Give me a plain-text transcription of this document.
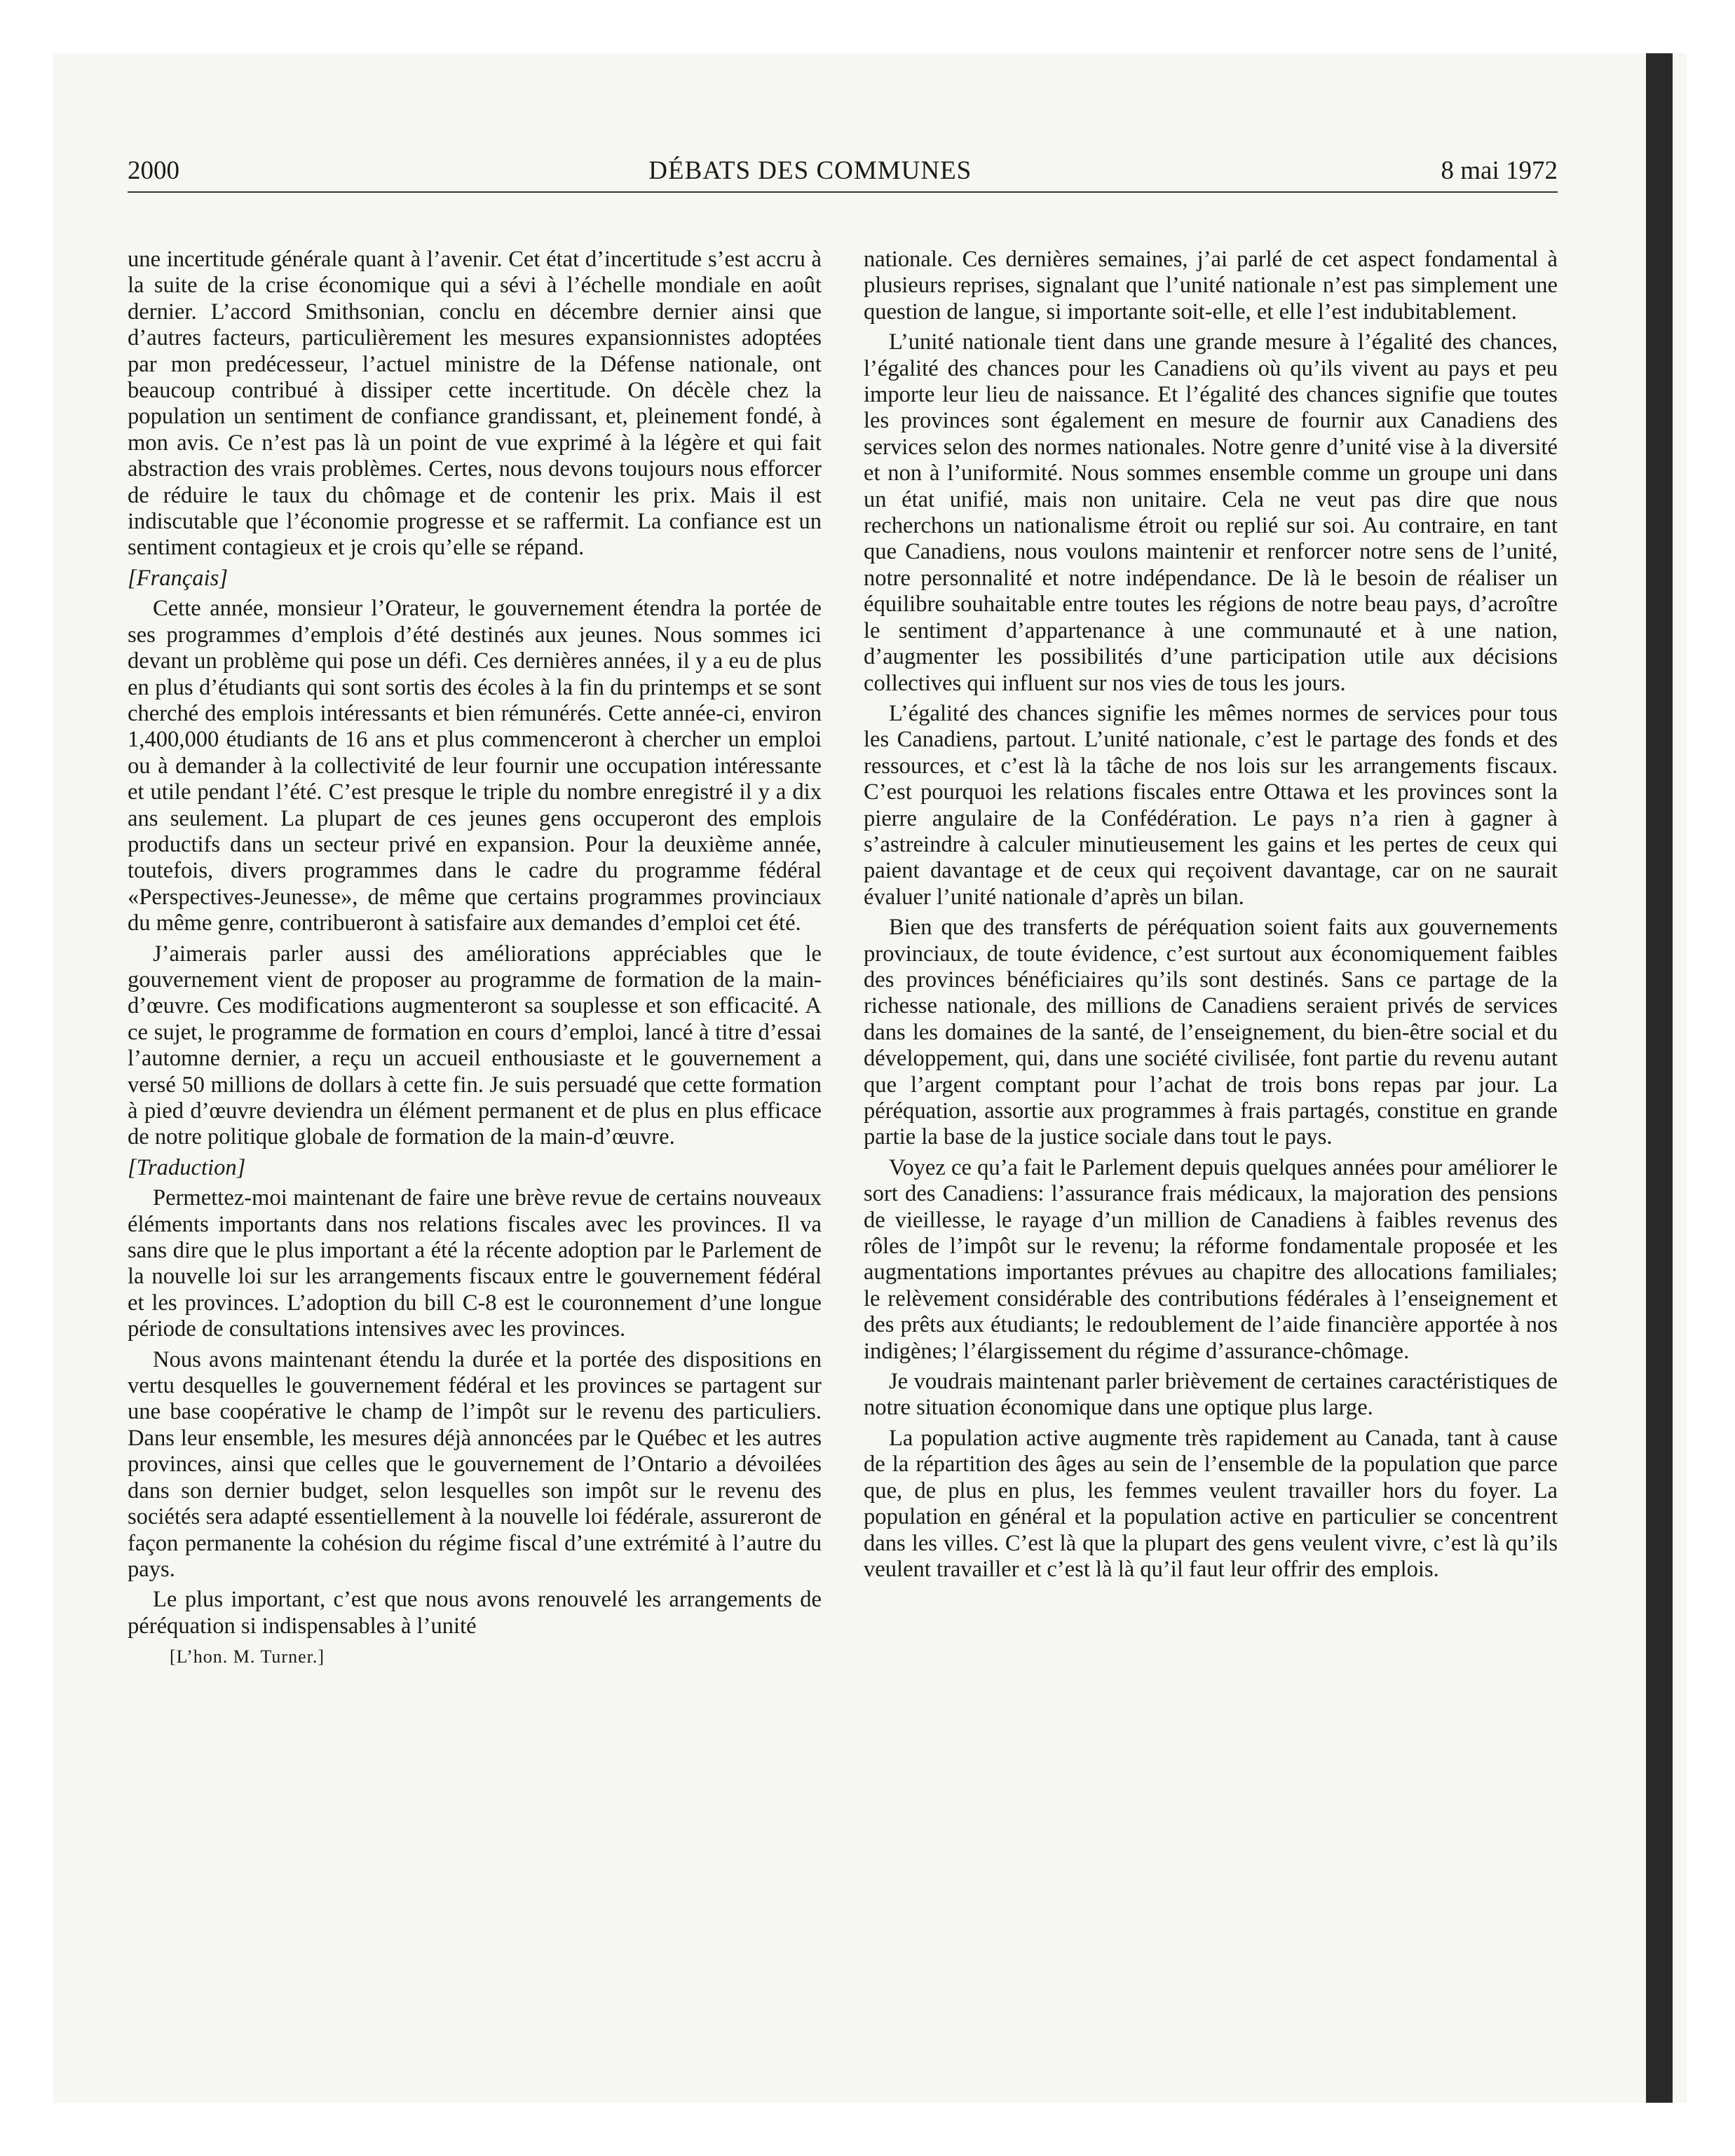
2000	DÉBATS DES COMMUNES	8 mai 1972

une incertitude générale quant à l’avenir. Cet état d’incertitude s’est accru à la suite de la crise économique qui a sévi à l’échelle mondiale en août dernier. L’accord Smithsonian, conclu en décembre dernier ainsi que d’autres facteurs, particulièrement les mesures expansionnistes adoptées par mon predécesseur, l’actuel ministre de la Défense nationale, ont beaucoup contribué à dissiper cette incertitude. On décèle chez la population un sentiment de confiance grandissant, et, pleinement fondé, à mon avis. Ce n’est pas là un point de vue exprimé à la légère et qui fait abstraction des vrais problèmes. Certes, nous devons toujours nous efforcer de réduire le taux du chômage et de contenir les prix. Mais il est indiscutable que l’économie progresse et se raffermit. La confiance est un sentiment contagieux et je crois qu’elle se répand.

[Français]

Cette année, monsieur l’Orateur, le gouvernement étendra la portée de ses programmes d’emplois d’été destinés aux jeunes. Nous sommes ici devant un problème qui pose un défi. Ces dernières années, il y a eu de plus en plus d’étudiants qui sont sortis des écoles à la fin du printemps et se sont cherché des emplois intéressants et bien rémunérés. Cette année-ci, environ 1,400,000 étudiants de 16 ans et plus commenceront à chercher un emploi ou à demander à la collectivité de leur fournir une occupation intéressante et utile pendant l’été. C’est presque le triple du nombre enregistré il y a dix ans seulement. La plupart de ces jeunes gens occuperont des emplois productifs dans un secteur privé en expansion. Pour la deuxième année, toutefois, divers programmes dans le cadre du programme fédéral «Perspectives-Jeunesse», de même que certains programmes provinciaux du même genre, contribueront à satisfaire aux demandes d’emploi cet été.

J’aimerais parler aussi des améliorations appréciables que le gouvernement vient de proposer au programme de formation de la main-d’œuvre. Ces modifications augmenteront sa souplesse et son efficacité. A ce sujet, le programme de formation en cours d’emploi, lancé à titre d’essai l’automne dernier, a reçu un accueil enthousiaste et le gouvernement a versé 50 millions de dollars à cette fin. Je suis persuadé que cette formation à pied d’œuvre deviendra un élément permanent et de plus en plus efficace de notre politique globale de formation de la main-d’œuvre.

[Traduction]

Permettez-moi maintenant de faire une brève revue de certains nouveaux éléments importants dans nos relations fiscales avec les provinces. Il va sans dire que le plus important a été la récente adoption par le Parlement de la nouvelle loi sur les arrangements fiscaux entre le gouvernement fédéral et les provinces. L’adoption du bill C-8 est le couronnement d’une longue période de consultations intensives avec les provinces.

Nous avons maintenant étendu la durée et la portée des dispositions en vertu desquelles le gouvernement fédéral et les provinces se partagent sur une base coopérative le champ de l’impôt sur le revenu des particuliers. Dans leur ensemble, les mesures déjà annoncées par le Québec et les autres provinces, ainsi que celles que le gouvernement de l’Ontario a dévoilées dans son dernier budget, selon lesquelles son impôt sur le revenu des sociétés sera adapté essentiellement à la nouvelle loi fédérale, assureront de façon permanente la cohésion du régime fiscal d’une extrémité à l’autre du pays.

Le plus important, c’est que nous avons renouvelé les arrangements de péréquation si indispensables à l’unité

[L’hon. M. Turner.]

nationale. Ces dernières semaines, j’ai parlé de cet aspect fondamental à plusieurs reprises, signalant que l’unité nationale n’est pas simplement une question de langue, si importante soit-elle, et elle l’est indubitablement.

L’unité nationale tient dans une grande mesure à l’égalité des chances, l’égalité des chances pour les Canadiens où qu’ils vivent au pays et peu importe leur lieu de naissance. Et l’égalité des chances signifie que toutes les provinces sont également en mesure de fournir aux Canadiens des services selon des normes nationales. Notre genre d’unité vise à la diversité et non à l’uniformité. Nous sommes ensemble comme un groupe uni dans un état unifié, mais non unitaire. Cela ne veut pas dire que nous recherchons un nationalisme étroit ou replié sur soi. Au contraire, en tant que Canadiens, nous voulons maintenir et renforcer notre sens de l’unité, notre personnalité et notre indépendance. De là le besoin de réaliser un équilibre souhaitable entre toutes les régions de notre beau pays, d’acroître le sentiment d’appartenance à une communauté et à une nation, d’augmenter les possibilités d’une participation utile aux décisions collectives qui influent sur nos vies de tous les jours.

L’égalité des chances signifie les mêmes normes de services pour tous les Canadiens, partout. L’unité nationale, c’est le partage des fonds et des ressources, et c’est là la tâche de nos lois sur les arrangements fiscaux. C’est pourquoi les relations fiscales entre Ottawa et les provinces sont la pierre angulaire de la Confédération. Le pays n’a rien à gagner à s’astreindre à calculer minutieusement les gains et les pertes de ceux qui paient davantage et de ceux qui reçoivent davantage, car on ne saurait évaluer l’unité nationale d’après un bilan.

Bien que des transferts de péréquation soient faits aux gouvernements provinciaux, de toute évidence, c’est surtout aux économiquement faibles des provinces bénéficiaires qu’ils sont destinés. Sans ce partage de la richesse nationale, des millions de Canadiens seraient privés de services dans les domaines de la santé, de l’enseignement, du bien-être social et du développement, qui, dans une société civilisée, font partie du revenu autant que l’argent comptant pour l’achat de trois bons repas par jour. La péréquation, assortie aux programmes à frais partagés, constitue en grande partie la base de la justice sociale dans tout le pays.

Voyez ce qu’a fait le Parlement depuis quelques années pour améliorer le sort des Canadiens: l’assurance frais médicaux, la majoration des pensions de vieillesse, le rayage d’un million de Canadiens à faibles revenus des rôles de l’impôt sur le revenu; la réforme fondamentale proposée et les augmentations importantes prévues au chapitre des allocations familiales; le relèvement considérable des contributions fédérales à l’enseignement et des prêts aux étudiants; le redoublement de l’aide financière apportée à nos indigènes; l’élargissement du régime d’assurance-chômage.

Je voudrais maintenant parler brièvement de certaines caractéristiques de notre situation économique dans une optique plus large.

La population active augmente très rapidement au Canada, tant à cause de la répartition des âges au sein de l’ensemble de la population que parce que, de plus en plus, les femmes veulent travailler hors du foyer. La population en général et la population active en particulier se concentrent dans les villes. C’est là que la plupart des gens veulent vivre, c’est là qu’ils veulent travailler et c’est là là qu’il faut leur offrir des emplois.
